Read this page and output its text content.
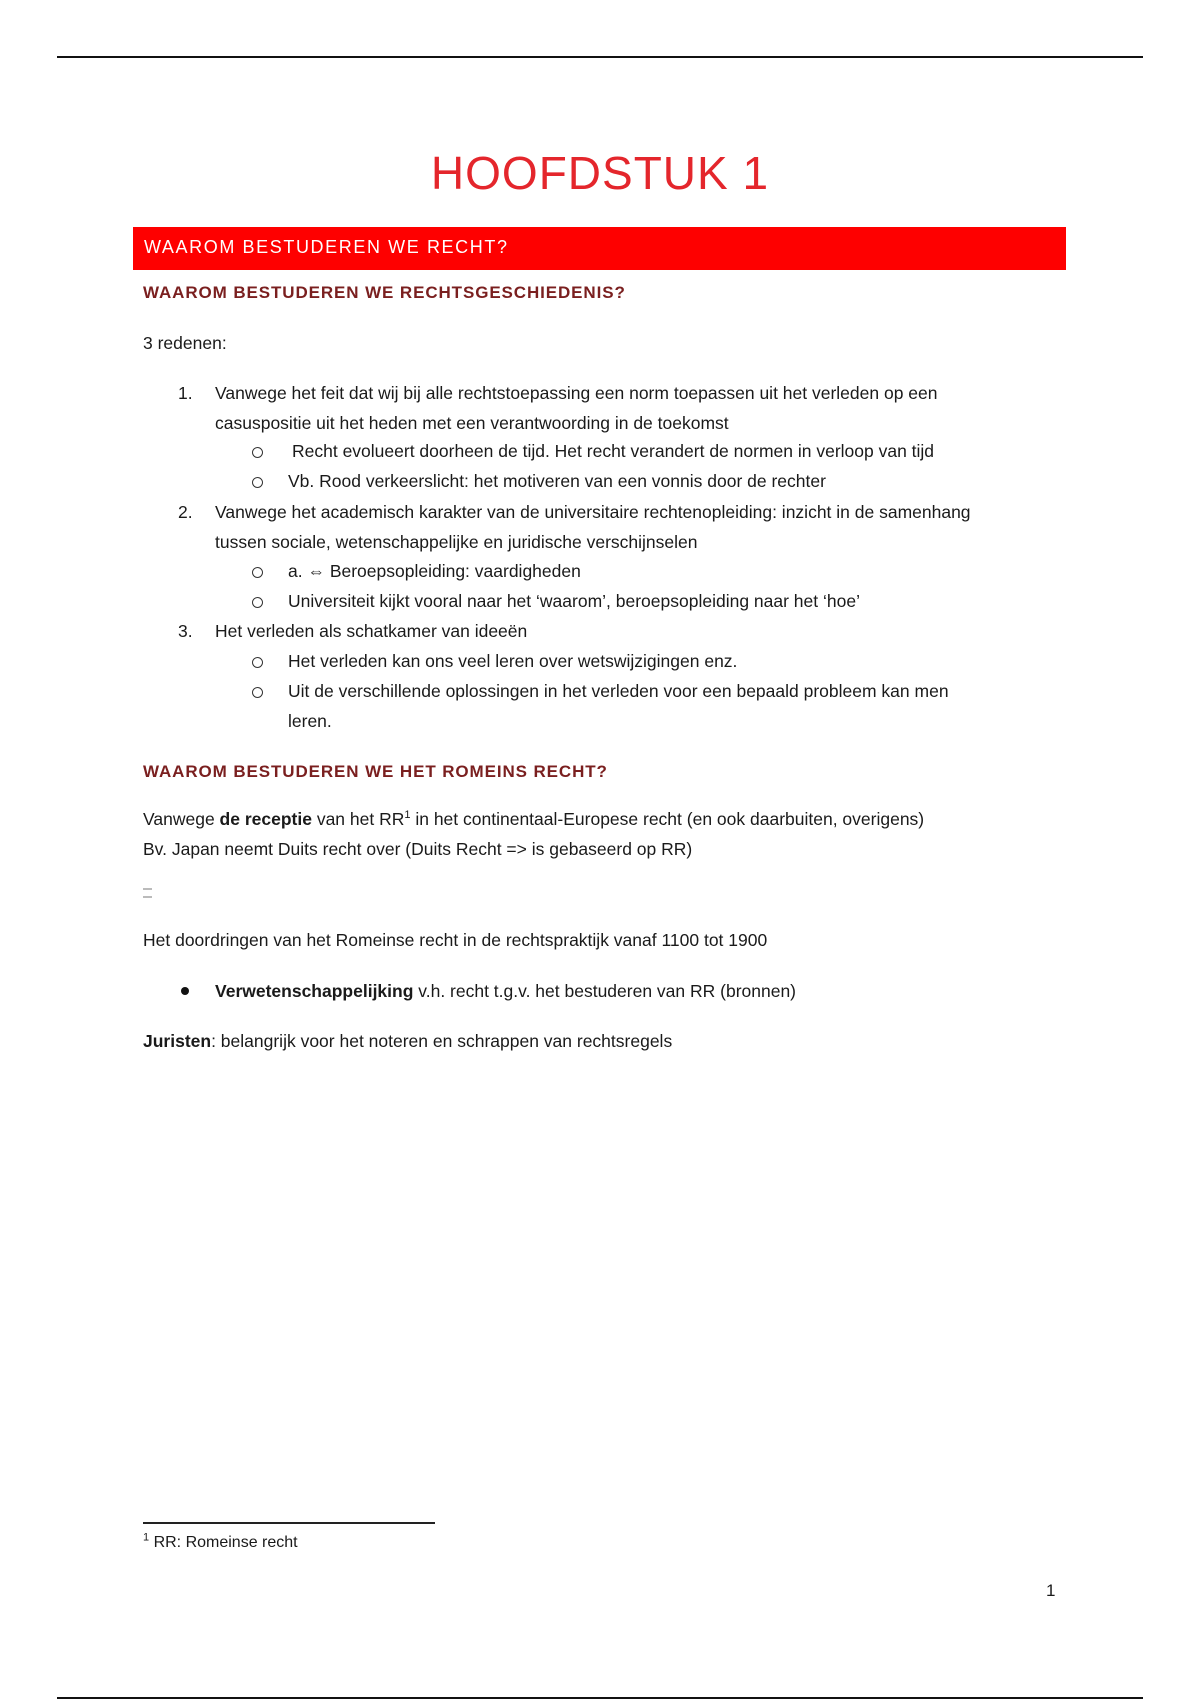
HOOFDSTUK 1
WAAROM BESTUDEREN WE RECHT?
WAAROM BESTUDEREN WE RECHTSGESCHIEDENIS?
3 redenen:
1. Vanwege het feit dat wij bij alle rechtstoepassing een norm toepassen uit het verleden op een
casuspositie uit het heden met een verantwoording in de toekomst
Recht evolueert doorheen de tijd. Het recht verandert de normen in verloop van tijd
Vb. Rood verkeerslicht: het motiveren van een vonnis door de rechter
2. Vanwege het academisch karakter van de universitaire rechtenopleiding: inzicht in de samenhang
tussen sociale, wetenschappelijke en juridische verschijnselen
a. ⇔ Beroepsopleiding: vaardigheden
Universiteit kijkt vooral naar het ‘waarom’, beroepsopleiding naar het ‘hoe’
3. Het verleden als schatkamer van ideeën
Het verleden kan ons veel leren over wetswijzigingen enz.
Uit de verschillende oplossingen in het verleden voor een bepaald probleem kan men
leren.
WAAROM BESTUDEREN WE HET ROMEINS RECHT?
Vanwege de receptie van het $RR^1$ in het continentaal-Europese recht (en ook daarbuiten, overigens)
Bv. Japan neemt Duits recht over (Duits Recht => is gebaseerd op RR)
Het doordringen van het Romeinse recht in de rechtspraktijk vanaf 1100 tot 1900
Verwetenschappelijking v.h. recht t.g.v. het bestuderen van RR (bronnen)
Juristen: belangrijk voor het noteren en schrappen van rechtsregels
$^1$ RR: Romeinse recht
1
